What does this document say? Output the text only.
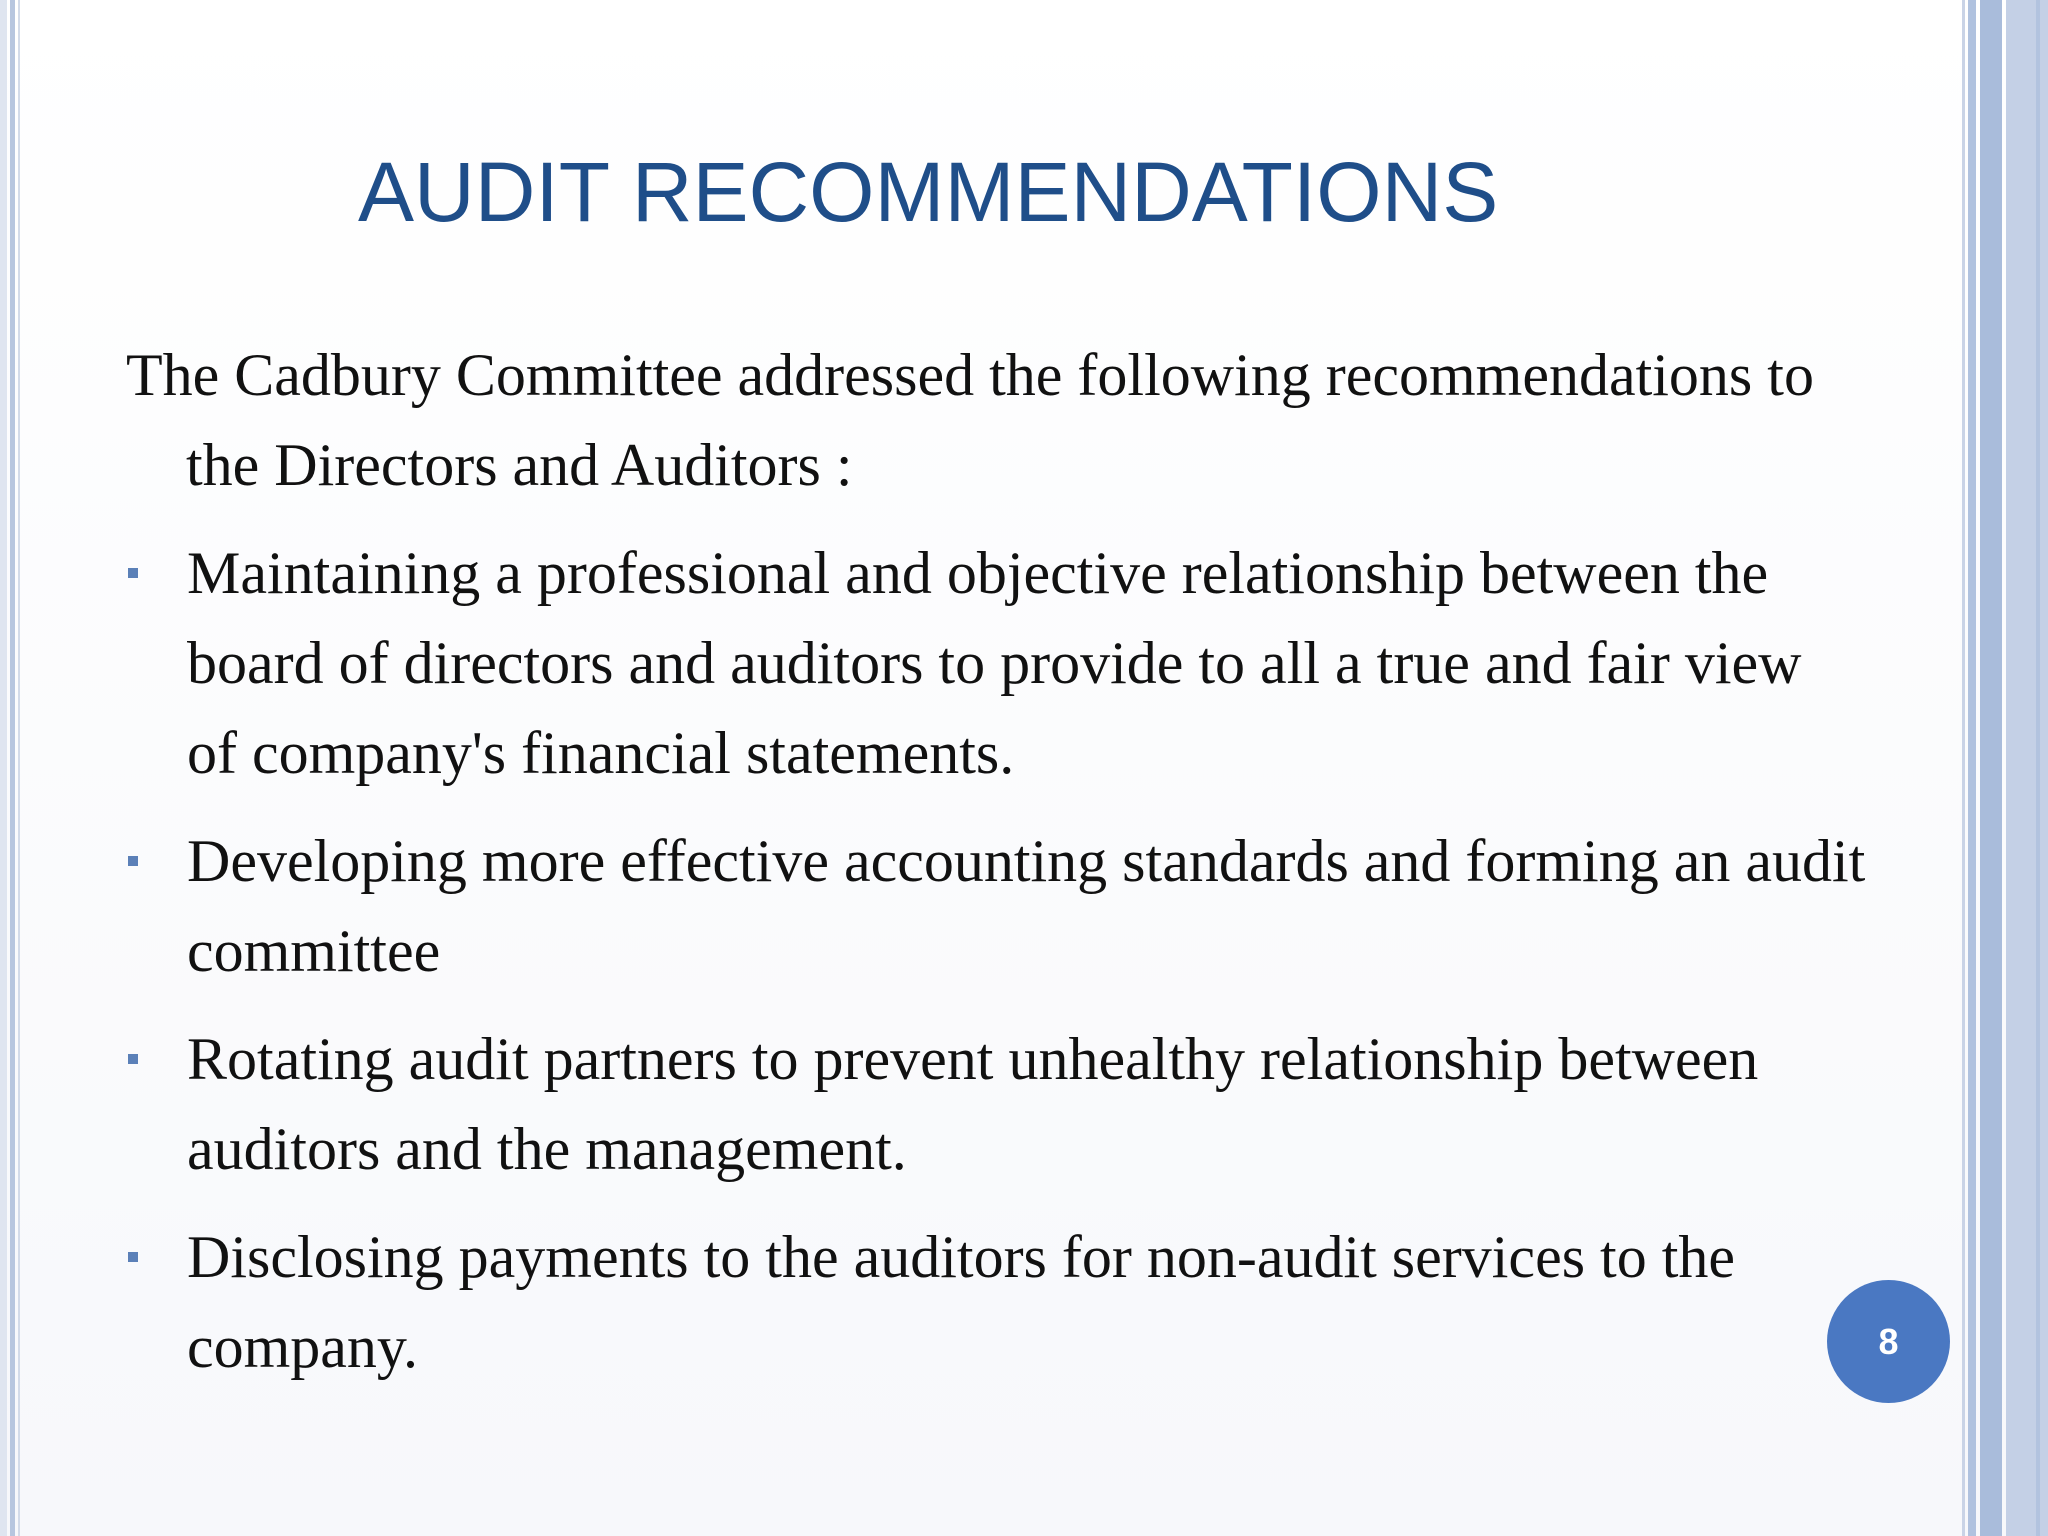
AUDIT RECOMMENDATIONS

The Cadbury Committee addressed the following recommendations to the Directors and Auditors :

Maintaining a professional and objective relationship between the board of directors and auditors to provide to all a true and fair view of company's financial statements.
Developing more effective accounting standards and forming an audit committee
Rotating audit partners to prevent unhealthy relationship between auditors and the management.
Disclosing payments to the auditors for non-audit services to the company.	8
